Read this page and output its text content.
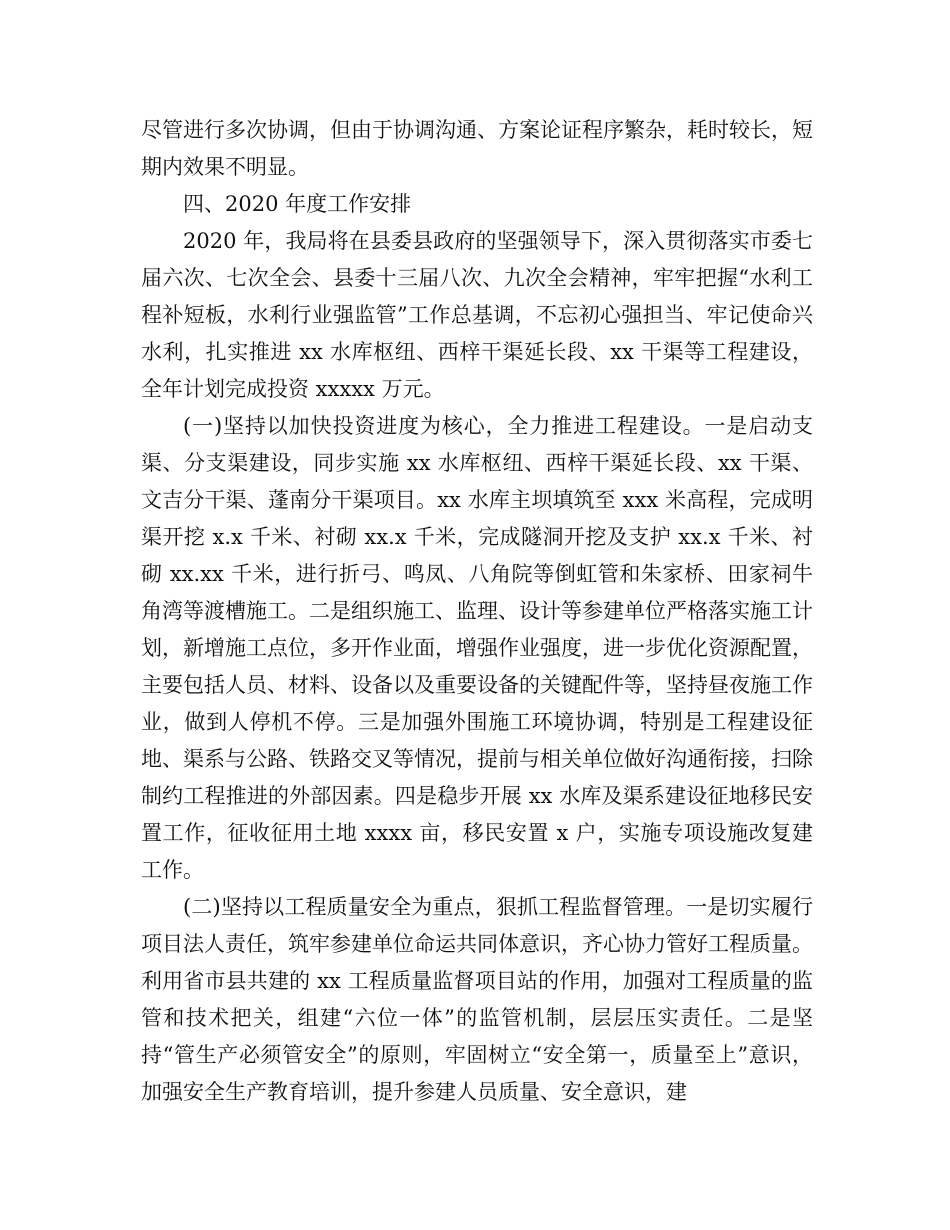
尽管进行多次协调，但由于协调沟通、方案论证程序繁杂，耗时较长，短期内效果不明显。

四、2020 年度工作安排

2020 年，我局将在县委县政府的坚强领导下，深入贯彻落实市委七届六次、七次全会、县委十三届八次、九次全会精神，牢牢把握“水利工程补短板，水利行业强监管”工作总基调，不忘初心强担当、牢记使命兴水利，扎实推进 xx 水库枢纽、西梓干渠延长段、xx 干渠等工程建设，全年计划完成投资 xxxxx 万元。

(一)坚持以加快投资进度为核心，全力推进工程建设。一是启动支渠、分支渠建设，同步实施 xx 水库枢纽、西梓干渠延长段、xx 干渠、文吉分干渠、蓬南分干渠项目。xx 水库主坝填筑至 xxx 米高程，完成明渠开挖 x.x 千米、衬砌 xx.x 千米，完成隧洞开挖及支护 xx.x 千米、衬砌 xx.xx 千米，进行折弓、鸣凤、八角院等倒虹管和朱家桥、田家祠牛角湾等渡槽施工。二是组织施工、监理、设计等参建单位严格落实施工计划，新增施工点位，多开作业面，增强作业强度，进一步优化资源配置，主要包括人员、材料、设备以及重要设备的关键配件等，坚持昼夜施工作业，做到人停机不停。三是加强外围施工环境协调，特别是工程建设征地、渠系与公路、铁路交叉等情况，提前与相关单位做好沟通衔接，扫除制约工程推进的外部因素。四是稳步开展 xx 水库及渠系建设征地移民安置工作，征收征用土地 xxxx 亩，移民安置 x 户，实施专项设施改复建工作。

(二)坚持以工程质量安全为重点，狠抓工程监督管理。一是切实履行项目法人责任，筑牢参建单位命运共同体意识，齐心协力管好工程质量。利用省市县共建的 xx 工程质量监督项目站的作用，加强对工程质量的监管和技术把关，组建“六位一体”的监管机制，层层压实责任。二是坚持“管生产必须管安全”的原则，牢固树立“安全第一，质量至上”意识，加强安全生产教育培训，提升参建人员质量、安全意识，建
